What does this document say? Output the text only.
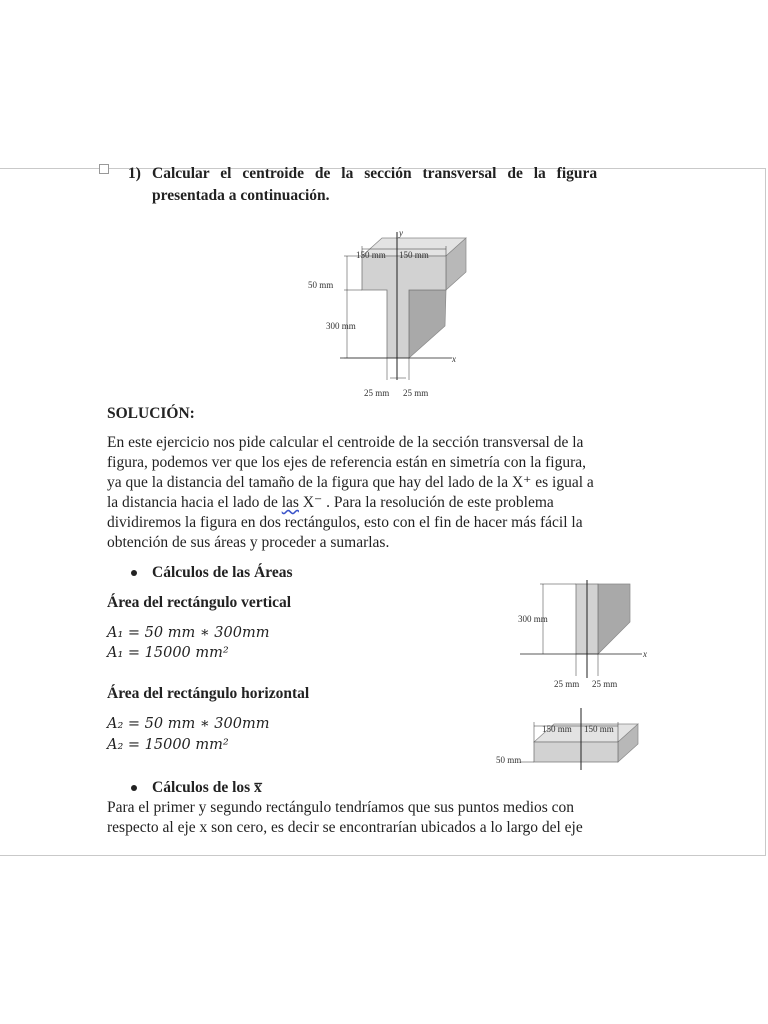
1) Calcular el centroide de la sección transversal de la figura
presentada a continuación.
150 mm 150 mm
50 mm
300 mm
25 mm 25 mm
y
x
SOLUCIÓN:
En este ejercicio nos pide calcular el centroide de la sección transversal de la
figura, podemos ver que los ejes de referencia están en simetría con la figura,
ya que la distancia del tamaño de la figura que hay del lado de la X⁺ es igual a
la distancia hacia el lado de las X⁻ . Para la resolución de este problema
dividiremos la figura en dos rectángulos, esto con el fin de hacer más fácil la
obtención de sus áreas y proceder a sumarlas.
Cálculos de las Áreas
Área del rectángulo vertical
A₁ = 50 mm ∗ 300mm
A₁ = 15000 mm²
Área del rectángulo horizontal
A₂ = 50 mm ∗ 300mm
A₂ = 15000 mm²
300 mm
25 mm 25 mm
x
150 mm 150 mm
50 mm
Cálculos de los x̅
Para el primer y segundo rectángulo tendríamos que sus puntos medios con
respecto al eje x son cero, es decir se encontrarían ubicados a lo largo del eje
